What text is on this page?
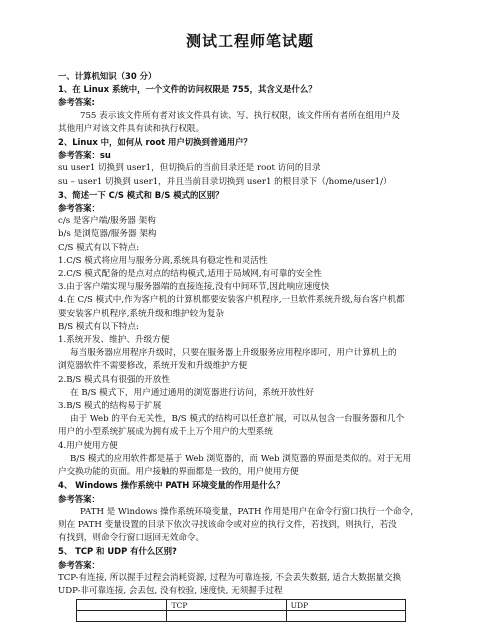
测试工程师笔试题
一、计算机知识（30 分）
1、在 Linux 系统中，一个文件的访问权限是 755，其含义是什么？
参考答案:
755 表示该文件所有者对该文件具有读、写、执行权限，该文件所有者所在组用户及
其他用户对该文件具有读和执行权限。
2、Linux 中，如何从 root 用户切换到普通用户？
参考答案：su
su user1 切换到 user1，但切换后的当前目录还是 root 访问的目录
su – user1 切换到 user1，并且当前目录切换到 user1 的根目录下（/home/user1/）
3、简述一下 C/S 模式和 B/S 模式的区别？
参考答案：
c/s 是客户端/服务器 架构
b/s 是浏览器/服务器 架构
C/S 模式有以下特点:
1.C/S 模式将应用与服务分离,系统具有稳定性和灵活性
2.C/S 模式配备的是点对点的结构模式,适用于局域网,有可靠的安全性
3.由于客户端实现与服务器端的直接连接,没有中间环节,因此响应速度快
4.在 C/S 模式中,作为客户机的计算机都要安装客户机程序,一旦软件系统升级,每台客户机都
要安装客户机程序,系统升级和维护较为复杂
B/S 模式有以下特点:
1.系统开发、维护、升级方便
每当服务器应用程序升级时，只要在服务器上升级服务应用程序即可，用户计算机上的
浏览器软件不需要修改，系统开发和升级维护方便
2.B/S 模式具有很强的开放性
在 B/S 模式下，用户通过通用的浏览器进行访问，系统开放性好
3.B/S 模式的结构易于扩展
由于 Web 的平台无关性，B/S 模式的结构可以任意扩展，可以从包含一台服务器和几个
用户的小型系统扩展成为拥有成千上万个用户的大型系统
4.用户使用方便
B/S 模式的应用软件都是基于 Web 浏览器的，而 Web 浏览器的界面是类似的。对于无用
户交换功能的页面。用户接触的界面都是一致的，用户使用方便
4、 Windows 操作系统中 PATH 环境变量的作用是什么？
参考答案：
PATH 是 Windows 操作系统环境变量，PATH 作用是用户在命令行窗口执行一个命令，
则在 PATH 变量设置的目录下依次寻找该命令或对应的执行文件，若找到，则执行，若没
有找到，则命令行窗口返回无效命令。
5、 TCP 和 UDP 有什么区别?
参考答案：
TCP-有连接, 所以握手过程会消耗资源, 过程为可靠连接, 不会丢失数据, 适合大数据量交换
UDP-非可靠连接, 会丢包, 没有校验, 速度快, 无须握手过程
	TCP	UDP
